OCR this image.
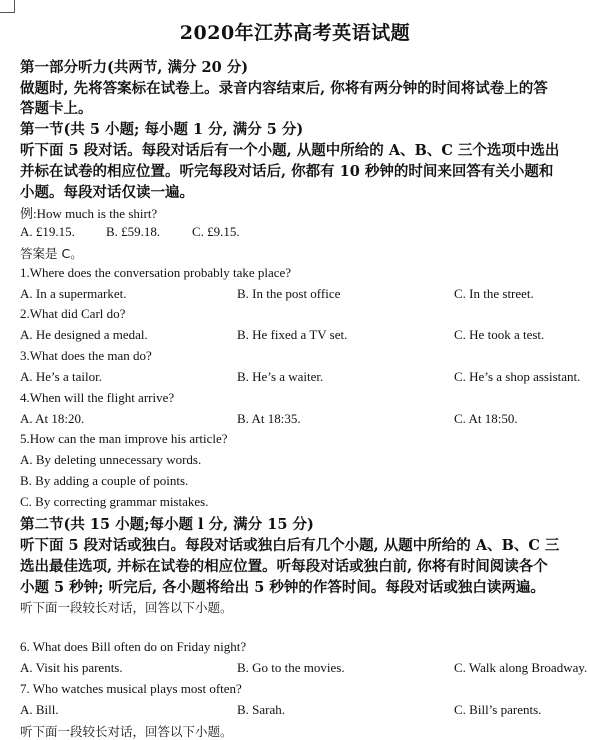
2020年江苏高考英语试题
第一部分听力(共两节, 满分 20 分)
做题时, 先将答案标在试卷上。录音内容结束后, 你将有两分钟的时间将试卷上的答
答题卡上。
第一节(共 5 小题; 每小题 1 分, 满分 5 分)
听下面 5 段对话。每段对话后有一个小题, 从题中所给的 A、B、C 三个选项中选出
并标在试卷的相应位置。听完每段对话后, 你都有 10 秒钟的时间来回答有关小题和
小题。每段对话仅读一遍。
例:How much is the shirt?
A. £19.15. B. £59.18. C. £9.15.
答案是 C。
1.Where does the conversation probably take place?
A. In a supermarket.	B. In the post office	C. In the street.
2.What did Carl do?
A. He designed a medal.	B. He fixed a TV set.	C. He took a test.
3.What does the man do?
A. He’s a tailor.	B. He’s a waiter.	C. He’s a shop assistant.
4.When will the flight arrive?
A. At 18:20.	B. At 18:35.	C. At 18:50.
5.How can the man improve his article?
A. By deleting unnecessary words.
B. By adding a couple of points.
C. By correcting grammar mistakes.
第二节(共 15 小题;每小题 l 分, 满分 15 分)
听下面 5 段对话或独白。每段对话或独白后有几个小题, 从题中所给的 A、B、C 三
选出最佳选项, 并标在试卷的相应位置。听每段对话或独白前, 你将有时间阅读各个
小题 5 秒钟; 听完后, 各小题将给出 5 秒钟的作答时间。每段对话或独白读两遍。
听下面一段较长对话，回答以下小题。
6. What does Bill often do on Friday night?
A. Visit his parents.	B. Go to the movies.	C. Walk along Broadway.
7. Who watches musical plays most often?
A. Bill.	B. Sarah.	C. Bill’s parents.
听下面一段较长对话，回答以下小题。
